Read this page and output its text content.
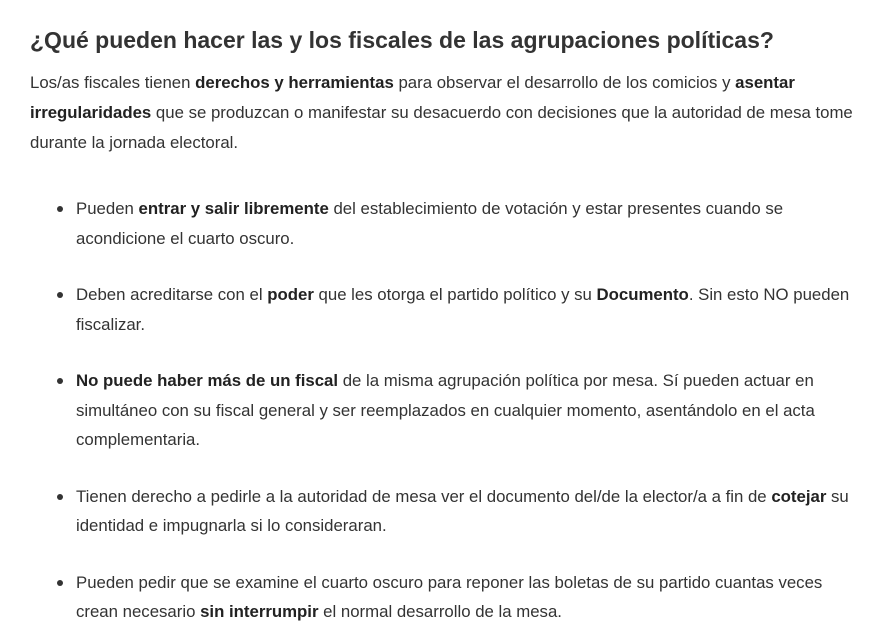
¿Qué pueden hacer las y los fiscales de las agrupaciones políticas?

Los/as fiscales tienen derechos y herramientas para observar el desarrollo de los comicios y asentar irregularidades que se produzcan o manifestar su desacuerdo con decisiones que la autoridad de mesa tome durante la jornada electoral.

Pueden entrar y salir libremente del establecimiento de votación y estar presentes cuando se acondicione el cuarto oscuro.
Deben acreditarse con el poder que les otorga el partido político y su Documento. Sin esto NO pueden fiscalizar.
No puede haber más de un fiscal de la misma agrupación política por mesa. Sí pueden actuar en simultáneo con su fiscal general y ser reemplazados en cualquier momento, asentándolo en el acta complementaria.
Tienen derecho a pedirle a la autoridad de mesa ver el documento del/de la elector/a a fin de cotejar su identidad e impugnarla si lo consideraran.
Pueden pedir que se examine el cuarto oscuro para reponer las boletas de su partido cuantas veces crean necesario sin interrumpir el normal desarrollo de la mesa.
